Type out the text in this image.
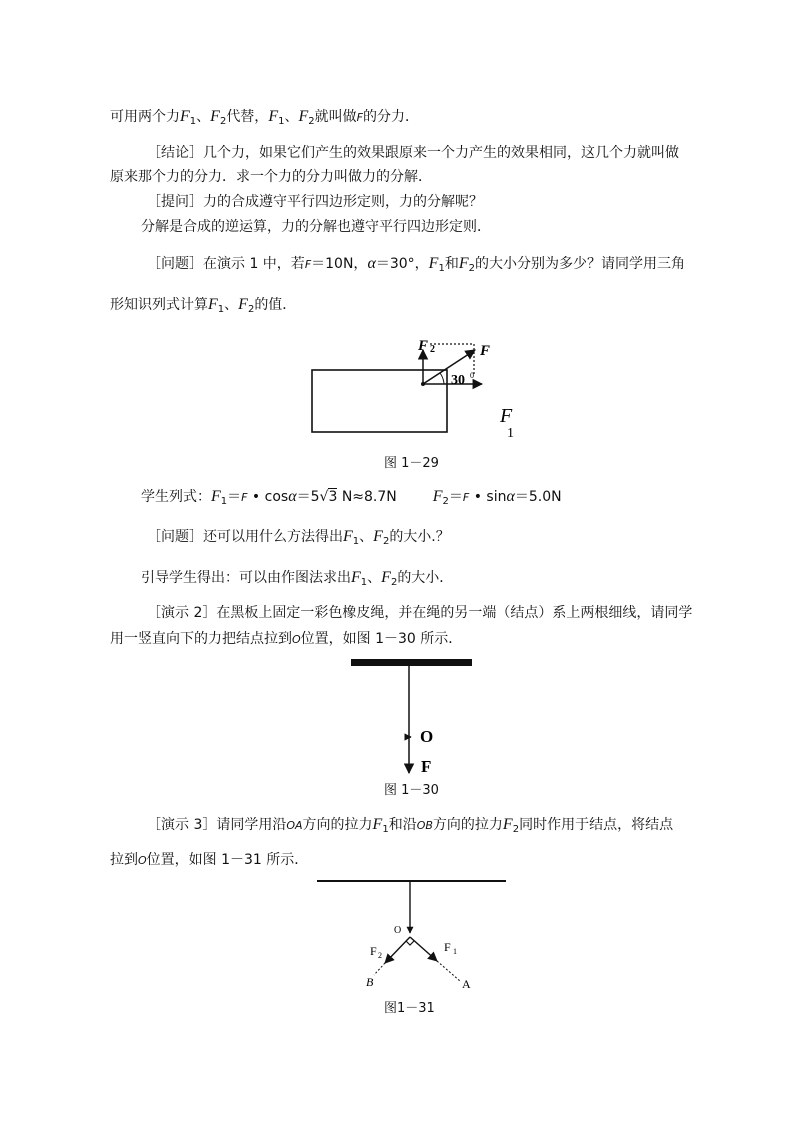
可用两个力$F_1$、$F_2$代替，$F_1$、$F_2$就叫做F的分力．
［结论］几个力，如果它们产生的效果跟原来一个力产生的效果相同，这几个力就叫做
原来那个力的分力．求一个力的分力叫做力的分解．
［提问］力的合成遵守平行四边形定则，力的分解呢？
分解是合成的逆运算，力的分解也遵守平行四边形定则．
［问题］在演示 1 中，若F＝10N，α＝30°，$F_1$和$F_2$的大小分别为多少？请同学用三角
形知识列式计算$F_1$、$F_2$的值．
F 2	F
30 0
F
1
图 1－29
学生列式：$F_1=F$ • cosα＝5√3 N≈8.7N $F_2=F$ • sinα＝5.0N
［问题］还可以用什么方法得出$F_1$、$F_2$的大小.？
引导学生得出：可以由作图法求出$F_1$、$F_2$的大小．
［演示 2］在黑板上固定一彩色橡皮绳，并在绳的另一端（结点）系上两根细线，请同学
用一竖直向下的力把结点拉到O位置，如图 1－30 所示．
O
F
图 1－30
［演示 3］请同学用沿OA方向的拉力$F_1$和沿OB方向的拉力$F_2$同时作用于结点，将结点
拉到O位置，如图 1－31 所示．
O
F 2
F 1
B	A
图1－31
